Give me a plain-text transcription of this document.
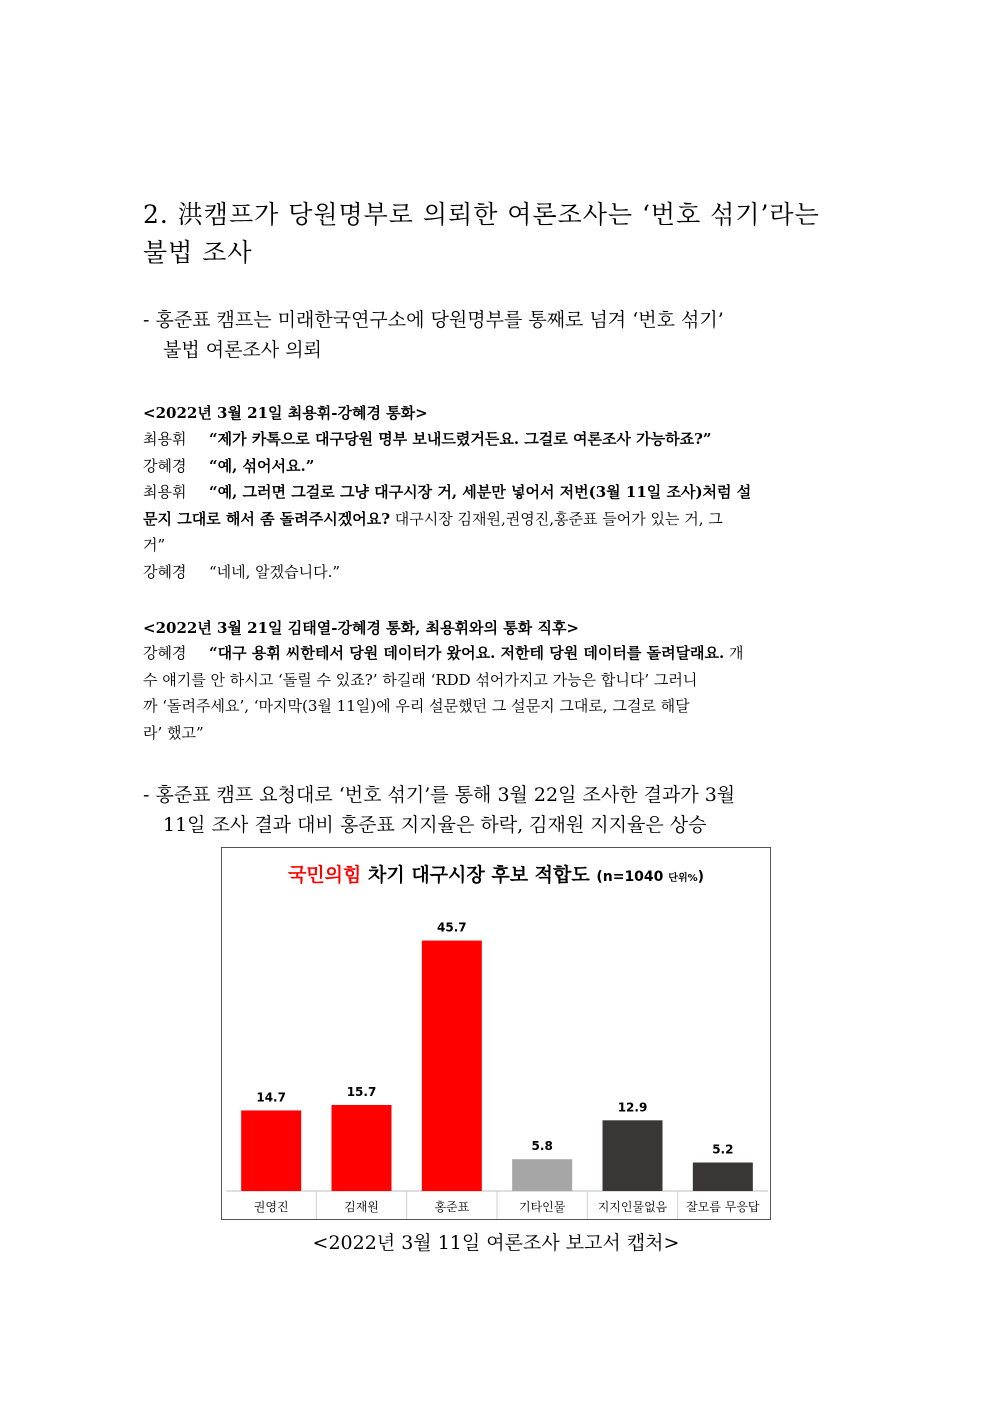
2. 洪캠프가 당원명부로 의뢰한 여론조사는 ‘번호 섞기’라는
불법 조사
- 홍준표 캠프는 미래한국연구소에 당원명부를 통째로 넘겨 ‘번호 섞기’
불법 여론조사 의뢰
<2022년 3월 21일 최용휘-강혜경 통화>
최용휘 “제가 카톡으로 대구당원 명부 보내드렸거든요. 그걸로 여론조사 가능하죠?”
강혜경 “예, 섞어서요.”
최용휘 “예, 그러면 그걸로 그냥 대구시장 거, 세분만 넣어서 저번(3월 11일 조사)처럼 설
문지 그대로 해서 좀 돌려주시겠어요? 대구시장 김재원,권영진,홍준표 들어가 있는 거, 그
거”
강혜경 “네네, 알겠습니다.”
<2022년 3월 21일 김태열-강혜경 통화, 최용휘와의 통화 직후>
강혜경 “대구 용휘 씨한테서 당원 데이터가 왔어요. 저한테 당원 데이터를 돌려달래요. 개
수 얘기를 안 하시고 ‘돌릴 수 있죠?’ 하길래 ‘RDD 섞어가지고 가능은 합니다’ 그러니
까 ‘돌려주세요’, ‘마지막(3월 11일)에 우리 설문했던 그 설문지 그대로, 그걸로 해달
라’ 했고”
- 홍준표 캠프 요청대로 ‘번호 섞기’를 통해 3월 22일 조사한 결과가 3월
11일 조사 결과 대비 홍준표 지지율은 하락, 김재원 지지율은 상승
국민의힘 차기 대구시장 후보 적합도 (n=1040 단위%)
14.7
권영진
15.7
김재원
45.7
홍준표
5.8
기타인물
12.9
지지인물없음
5.2
잘모름 무응답
<2022년 3월 11일 여론조사 보고서 캡처>
